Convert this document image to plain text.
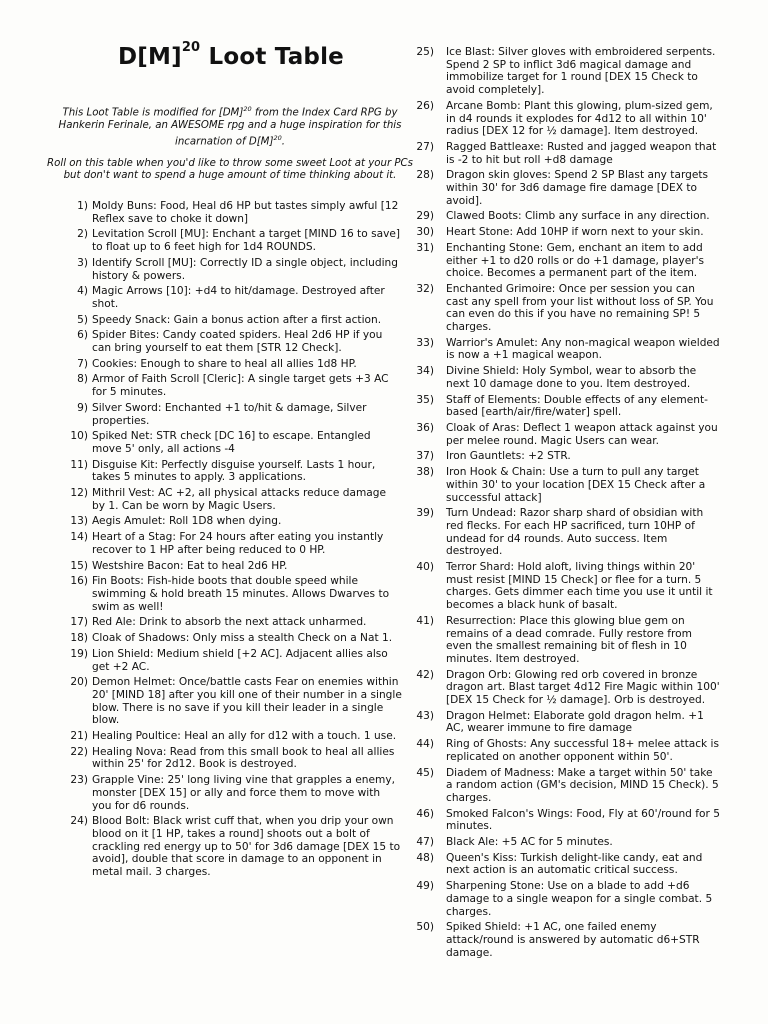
$D[M]^{20}$ Loot Table

This Loot Table is modified for [DM]$^{20}$ from the Index Card RPG by Hankerin Ferinale, an AWESOME rpg and a huge inspiration for this incarnation of $D[M]^{20}$.

Roll on this table when you'd like to throw some sweet Loot at your PCs but don't want to spend a huge amount of time thinking about it.

1) Moldy Buns: Food, Heal d6 HP but tastes simply awful [12 Reflex save to choke it down]
2) Levitation Scroll [MU]: Enchant a target [MIND 16 to save] to float up to 6 feet high for 1d4 ROUNDS.
3) Identify Scroll [MU]: Correctly ID a single object, including history & powers.
4) Magic Arrows [10]: +d4 to hit/damage. Destroyed after shot.
5) Speedy Snack: Gain a bonus action after a first action.
6) Spider Bites: Candy coated spiders. Heal 2d6 HP if you can bring yourself to eat them [STR 12 Check].
7) Cookies: Enough to share to heal all allies 1d8 HP.
8) Armor of Faith Scroll [Cleric]: A single target gets +3 AC for 5 minutes.
9) Silver Sword: Enchanted +1 to/hit & damage, Silver properties.
10) Spiked Net: STR check [DC 16] to escape. Entangled move 5' only, all actions -4
11) Disguise Kit: Perfectly disguise yourself. Lasts 1 hour, takes 5 minutes to apply. 3 applications.
12) Mithril Vest: AC +2, all physical attacks reduce damage by 1. Can be worn by Magic Users.
13) Aegis Amulet: Roll 1D8 when dying.
14) Heart of a Stag: For 24 hours after eating you instantly recover to 1 HP after being reduced to 0 HP.
15) Westshire Bacon: Eat to heal 2d6 HP.
16) Fin Boots: Fish-hide boots that double speed while swimming & hold breath 15 minutes. Allows Dwarves to swim as well!
17) Red Ale: Drink to absorb the next attack unharmed.
18) Cloak of Shadows: Only miss a stealth Check on a Nat 1.
19) Lion Shield: Medium shield [+2 AC]. Adjacent allies also get +2 AC.
20) Demon Helmet: Once/battle casts Fear on enemies within 20' [MIND 18] after you kill one of their number in a single blow. There is no save if you kill their leader in a single blow.
21) Healing Poultice: Heal an ally for d12 with a touch. 1 use.
22) Healing Nova: Read from this small book to heal all allies within 25' for 2d12. Book is destroyed.
23) Grapple Vine: 25' long living vine that grapples a enemy, monster [DEX 15] or ally and force them to move with you for d6 rounds.
24) Blood Bolt: Black wrist cuff that, when you drip your own blood on it [1 HP, takes a round] shoots out a bolt of crackling red energy up to 50' for 3d6 damage [DEX 15 to avoid], double that score in damage to an opponent in metal mail. 3 charges.
25) Ice Blast: Silver gloves with embroidered serpents. Spend 2 SP to inflict 3d6 magical damage and immobilize target for 1 round [DEX 15 Check to avoid completely].
26) Arcane Bomb: Plant this glowing, plum-sized gem, in d4 rounds it explodes for 4d12 to all within 10' radius [DEX 12 for ½ damage]. Item destroyed.
27) Ragged Battleaxe: Rusted and jagged weapon that is -2 to hit but roll +d8 damage
28) Dragon skin gloves: Spend 2 SP Blast any targets within 30' for 3d6 damage fire damage [DEX to avoid].
29) Clawed Boots: Climb any surface in any direction.
30) Heart Stone: Add 10HP if worn next to your skin.
31) Enchanting Stone: Gem, enchant an item to add either +1 to d20 rolls or do +1 damage, player's choice. Becomes a permanent part of the item.
32) Enchanted Grimoire: Once per session you can cast any spell from your list without loss of SP. You can even do this if you have no remaining SP! 5 charges.
33) Warrior's Amulet: Any non-magical weapon wielded is now a +1 magical weapon.
34) Divine Shield: Holy Symbol, wear to absorb the next 10 damage done to you. Item destroyed.
35) Staff of Elements: Double effects of any element-based [earth/air/fire/water] spell.
36) Cloak of Aras: Deflect 1 weapon attack against you per melee round. Magic Users can wear.
37) Iron Gauntlets: +2 STR.
38) Iron Hook & Chain: Use a turn to pull any target within 30' to your location [DEX 15 Check after a successful attack]
39) Turn Undead: Razor sharp shard of obsidian with red flecks. For each HP sacrificed, turn 10HP of undead for d4 rounds. Auto success. Item destroyed.
40) Terror Shard: Hold aloft, living things within 20' must resist [MIND 15 Check] or flee for a turn. 5 charges. Gets dimmer each time you use it until it becomes a black hunk of basalt.
41) Resurrection: Place this glowing blue gem on remains of a dead comrade. Fully restore from even the smallest remaining bit of flesh in 10 minutes. Item destroyed.
42) Dragon Orb: Glowing red orb covered in bronze dragon art. Blast target 4d12 Fire Magic within 100' [DEX 15 Check for ½ damage]. Orb is destroyed.
43) Dragon Helmet: Elaborate gold dragon helm. +1 AC, wearer immune to fire damage
44) Ring of Ghosts: Any successful 18+ melee attack is replicated on another opponent within 50'.
45) Diadem of Madness: Make a target within 50' take a random action (GM's decision, MIND 15 Check). 5 charges.
46) Smoked Falcon's Wings: Food, Fly at 60'/round for 5 minutes.
47) Black Ale: +5 AC for 5 minutes.
48) Queen's Kiss: Turkish delight-like candy, eat and next action is an automatic critical success.
49) Sharpening Stone: Use on a blade to add +d6 damage to a single weapon for a single combat. 5 charges.
50) Spiked Shield: +1 AC, one failed enemy attack/round is answered by automatic d6+STR damage.
